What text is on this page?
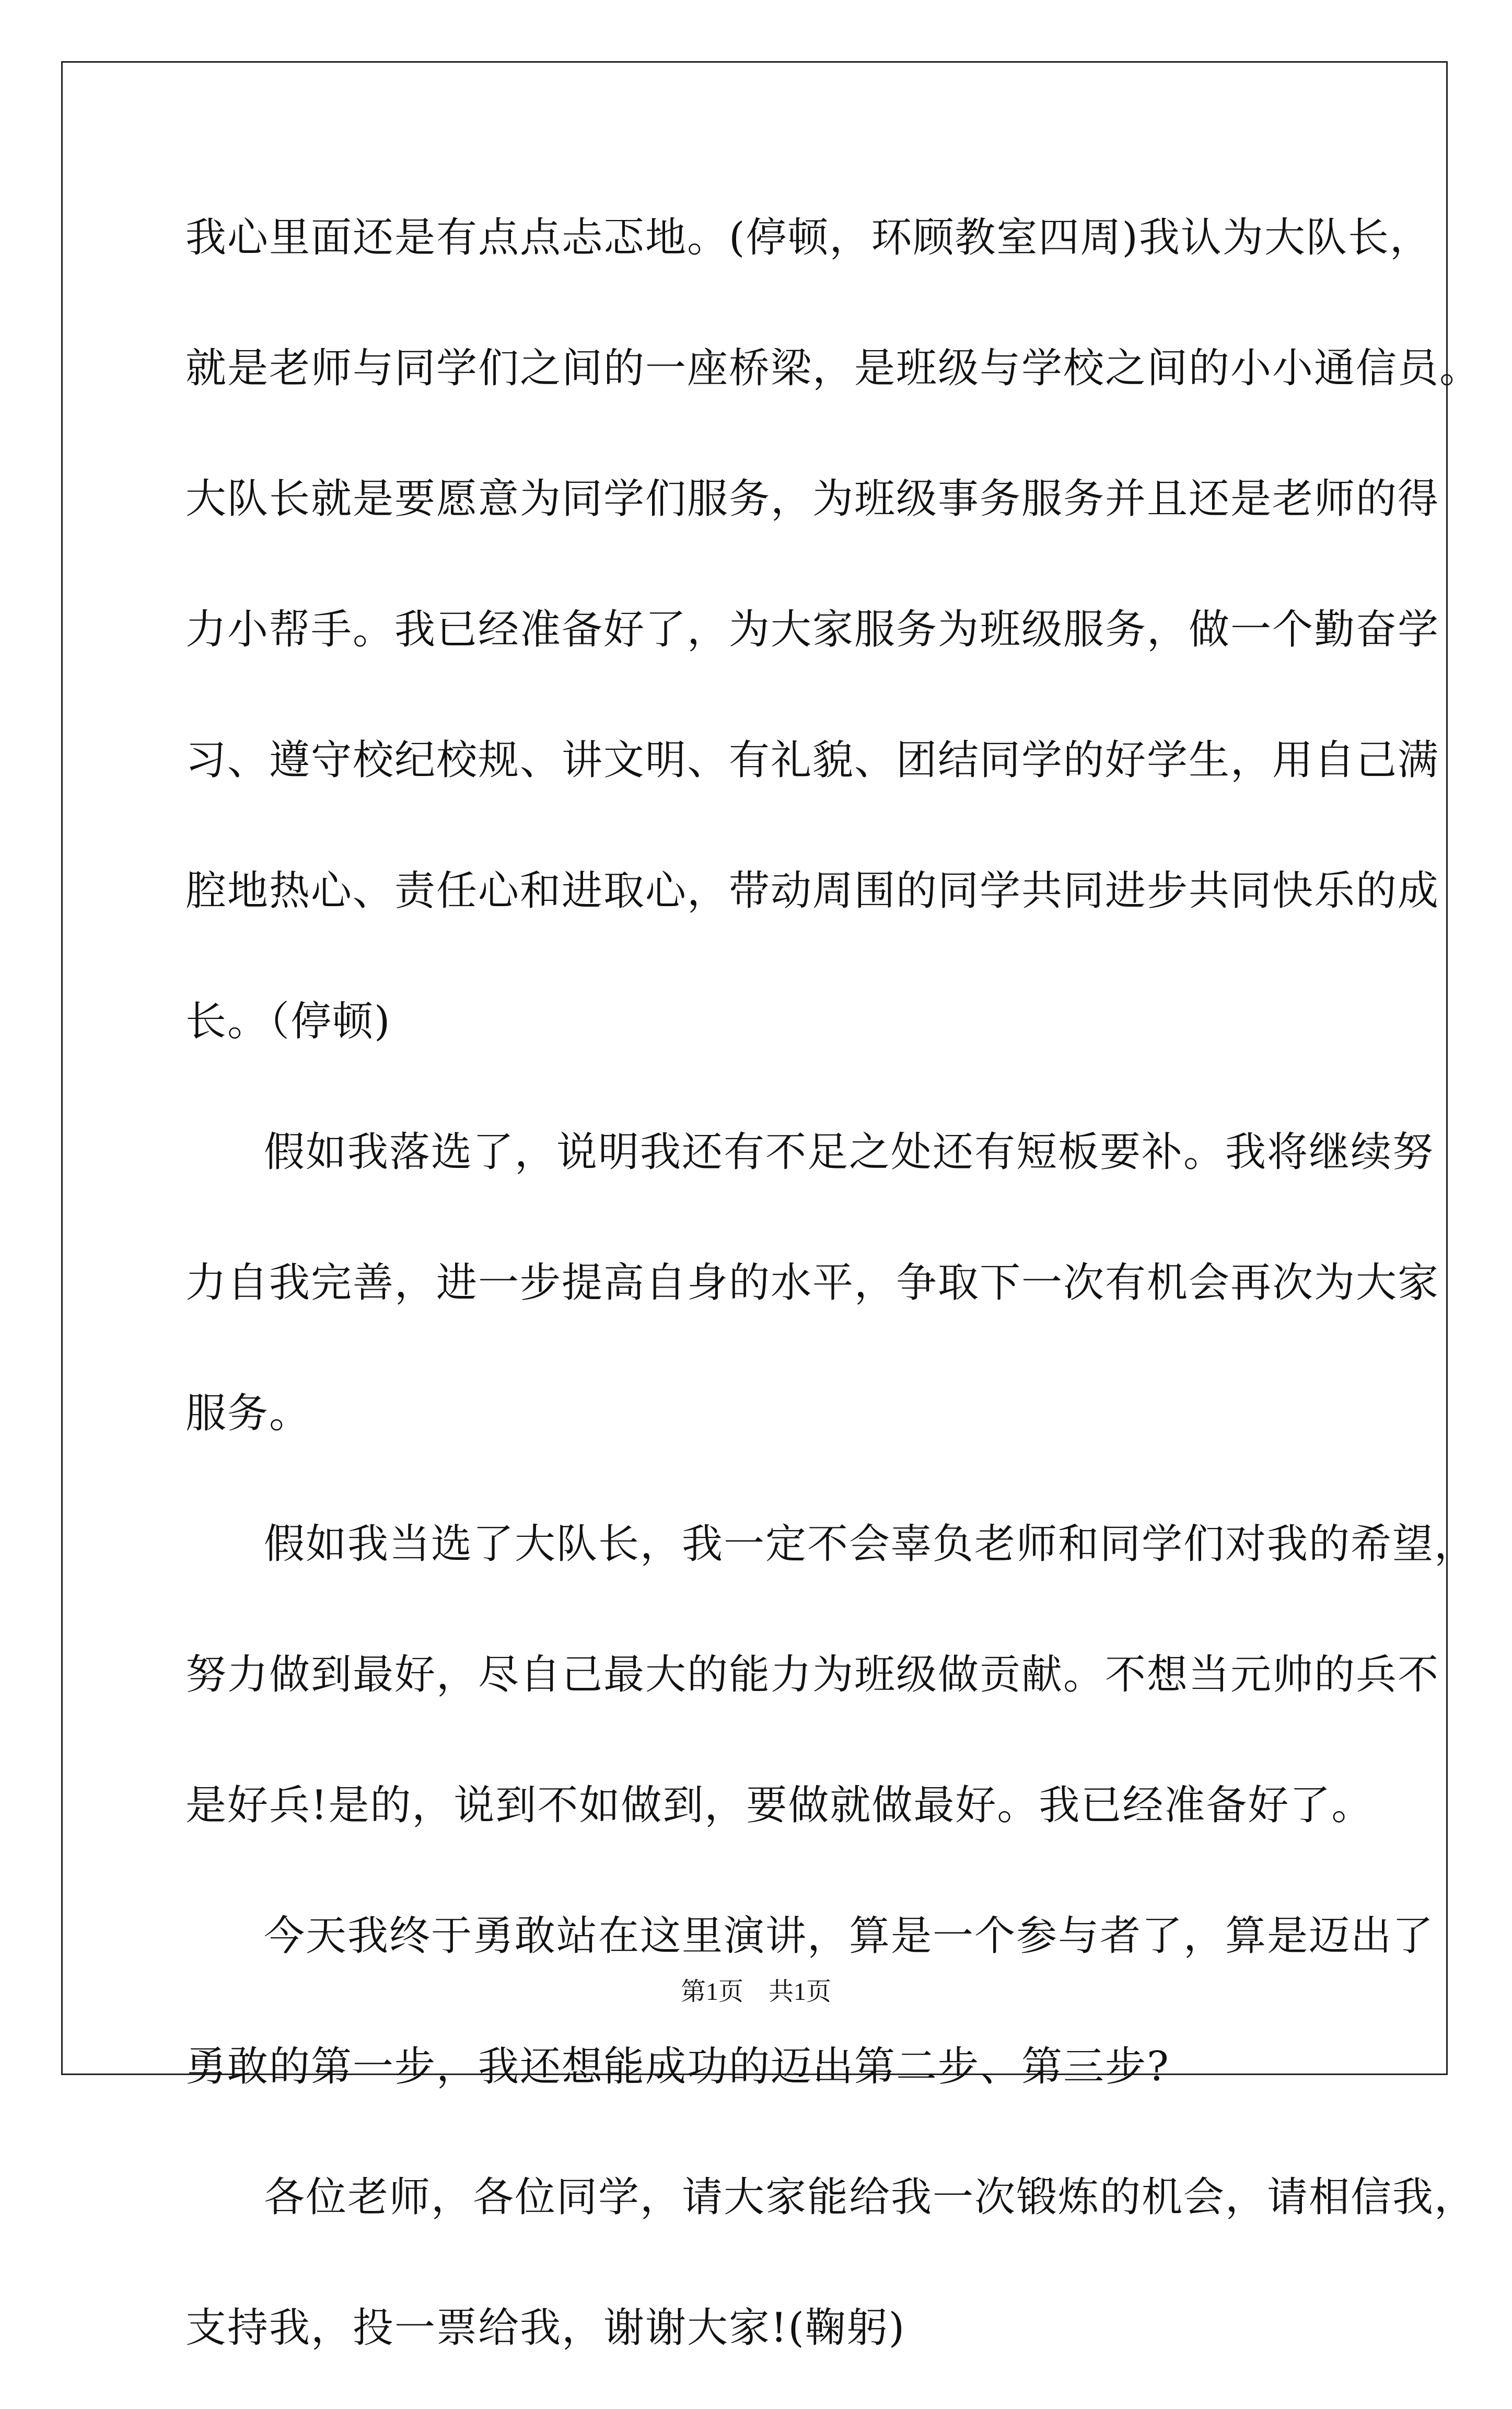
我心里面还是有点点忐忑地。(停顿，环顾教室四周)我认为大队长，
就是老师与同学们之间的一座桥梁，是班级与学校之间的小小通信员。
大队长就是要愿意为同学们服务，为班级事务服务并且还是老师的得
力小帮手。我已经准备好了，为大家服务为班级服务，做一个勤奋学
习、遵守校纪校规、讲文明、有礼貌、团结同学的好学生，用自己满
腔地热心、责任心和进取心，带动周围的同学共同进步共同快乐的成
长。（停顿)
假如我落选了，说明我还有不足之处还有短板要补。我将继续努
力自我完善，进一步提高自身的水平，争取下一次有机会再次为大家
服务。
假如我当选了大队长，我一定不会辜负老师和同学们对我的希望，
努力做到最好，尽自己最大的能力为班级做贡献。不想当元帅的兵不
是好兵!是的，说到不如做到，要做就做最好。我已经准备好了。
今天我终于勇敢站在这里演讲，算是一个参与者了，算是迈出了
勇敢的第一步，我还想能成功的迈出第二步、第三步?
各位老师，各位同学，请大家能给我一次锻炼的机会，请相信我，
支持我，投一票给我，谢谢大家!(鞠躬)
第1页　共1页
